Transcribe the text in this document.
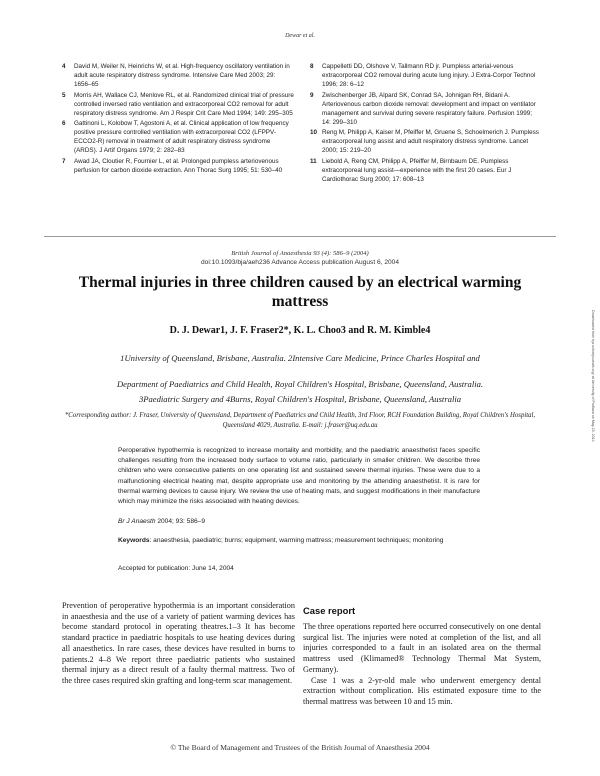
Dewar et al.
4	David M, Weiler N, Heinrichs W, et al. High-frequency oscillatory ventilation in adult acute respiratory distress syndrome. Intensive Care Med 2003; 29: 1656–65
5	Morris AH, Wallace CJ, Menlove RL, et al. Randomized clinical trial of pressure controlled inversed ratio ventilation and extracorporeal CO2 removal for adult respiratory distress syndrome. Am J Respir Crit Care Med 1994; 149: 295–305
6	Gattinoni L, Kolobow T, Agostoni A, et al. Clinical application of low frequency positive pressure controlled ventilation with extracorporeal CO2 (LFPPV-ECCO2-R) removal in treatment of adult respiratory distress syndrome (ARDS). J Artif Organs 1979; 2: 282–83
7	Awad JA, Cloutier R, Fournier L, et al. Prolonged pumpless arteriovenous perfusion for carbon dioxide extraction. Ann Thorac Surg 1995; 51: 530–40
8	Cappelletti DD, Olshove V, Tallmann RD jr. Pumpless arterial-venous extracorporeal CO2 removal during acute lung injury. J Extra-Corpor Technol 1996; 28: 6–12
9	Zwischenberger JB, Alpard SK, Conrad SA, Johnigan RH, Bidani A. Arteriovenous carbon dioxide removal: development and impact on ventilator management and survival during severe respiratory failure. Perfusion 1999; 14: 299–310
10 Reng M, Philipp A, Kaiser M, Pfeiffer M, Gruene S, Schoelmerich J. Pumpless extracorporeal lung assist and adult respiratory distress syndrome. Lancet 2000; 15: 219–20
11 Liebold A, Reng CM, Philipp A, Pfeiffer M, Birnbaum DE. Pumpless extracorporeal lung assist—experience with the first 20 cases. Eur J Cardiothorac Surg 2000; 17: 608–13
British Journal of Anaesthesia 93 (4): 586–9 (2004)
doi:10.1093/bja/aeh236 Advance Access publication August 6, 2004
Thermal injuries in three children caused by an electrical warming mattress
D. J. Dewar1, J. F. Fraser2*, K. L. Choo3 and R. M. Kimble4
1University of Queensland, Brisbane, Australia. 2Intensive Care Medicine, Prince Charles Hospital and
Department of Paediatrics and Child Health, Royal Children's Hospital, Brisbane, Queensland, Australia.
3Paediatric Surgery and 4Burns, Royal Children's Hospital, Brisbane, Queensland, Australia
*Corresponding author: J. Fraser, University of Queensland, Department of Paediatrics and Child Health, 3rd Floor, RCH Foundation Building, Royal Children's Hospital, Queensland 4029, Australia. E-mail: j.fraser@uq.edu.au
Peroperative hypothermia is recognized to increase mortality and morbidity, and the paediatric anaesthetist faces specific challenges resulting from the increased body surface to volume ratio, particularly in smaller children. We describe three children who were consecutive patients on one operating list and sustained severe thermal injuries. These were due to a malfunctioning electrical heating mat, despite appropriate use and monitoring by the attending anaesthetist. It is rare for thermal warming devices to cause injury. We review the use of heating mats, and suggest modifications in their manufacture which may minimize the risks associated with heating devices.
Br J Anaesth 2004; 93: 586–9
Keywords: anaesthesia, paediatric; burns; equipment, warming mattress; measurement techniques; monitoring
Accepted for publication: June 14, 2004

Prevention of peroperative hypothermia is an important consideration in anaesthesia and the use of a variety of patient warming devices has become standard protocol in operating theatres.1–3 It has become standard practice in paediatric hospitals to use heating devices during all anaesthetics. In rare cases, these devices have resulted in burns to patients.2 4–8 We report three paediatric patients who sustained thermal injury as a direct result of a faulty thermal mattress. Two of the three cases required skin grafting and long-term scar management.

Case report

The three operations reported here occurred consecutively on one dental surgical list. The injuries were noted at completion of the list, and all injuries corresponded to a fault in an isolated area on the thermal mattress used (Klimamed® Technology Thermal Mat System, Germany).

Case 1 was a 2-yr-old male who underwent emergency dental extraction without complication. His estimated exposure time to the thermal mattress was between 10 and 15 min.

© The Board of Management and Trustees of the British Journal of Anaesthesia 2004
Downloaded from bja.oxfordjournals.org/ at University of Portland on May 23, 2014
